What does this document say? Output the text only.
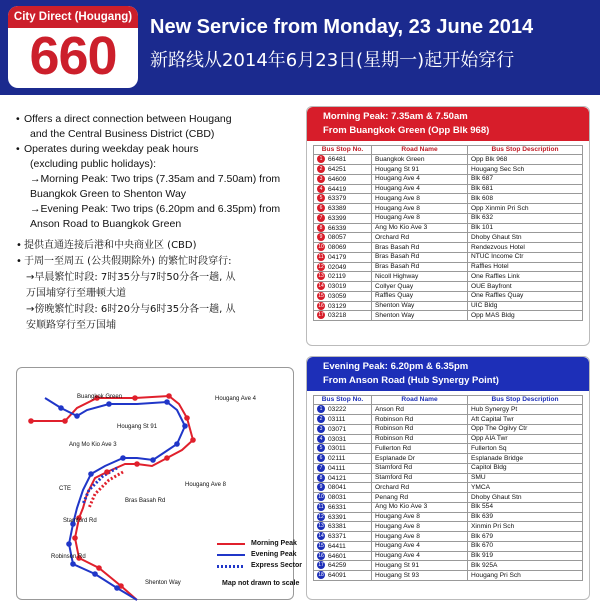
City Direct (Hougang)
660	New Service from Monday, 23 June 2014
新路线从2014年6月23日(星期一)起开始穿行
• Offers a direct connection between Hougang
and the Central Business District (CBD)
• Operates during weekday peak hours
(excluding public holidays):
→Morning Peak: Two trips (7.35am and 7.50am) from
Buangkok Green to Shenton Way
→Evening Peak: Two trips (6.20pm and 6.35pm) from
Anson Road to Buangkok Green
• 提供直通连接后港和中央商业区 (CBD)
• 于周一至周五 (公共假期除外) 的繁忙时段穿行:
→早晨繁忙时段: 7时35分与7时50分各一趟, 从
万国埔穿行至珊顿大道
→傍晚繁忙时段: 6时20分与6时35分各一趟, 从
安顺路穿行至万国埔
Buangkok Green	Hougang Ave 4
Hougang St 91
Ang Mo Kio Ave 3
CTE
Hougang Ave 8
Bras Basah Rd
Stamford Rd
Robinson Rd
Shenton Way
Morning Peak
Evening Peak
Express Sector
Map not drawn to scale
Morning Peak: 7.35am & 7.50am
From Buangkok Green (Opp Blk 968)
Bus Stop No.	Road Name	Bus Stop Description
1 66481	Buangkok Green	Opp Blk 968
2 64251	Hougang St 91	Hougang Sec Sch
3 64609	Hougang Ave 4	Blk 687
4 64419	Hougang Ave 4	Blk 681
5 63379	Hougang Ave 8	Blk 608
6 63389	Hougang Ave 8	Opp Xinmin Pri Sch
7 63399	Hougang Ave 8	Blk 632
8 66339	Ang Mo Kio Ave 3	Blk 101
9 08057	Orchard Rd	Dhoby Ghaut Stn
10 08069	Bras Basah Rd	Rendezvous Hotel
11 04179	Bras Basah Rd	NTUC Income Ctr
12 02049	Bras Basah Rd	Raffles Hotel
13 02119	Nicoll Highway	One Raffles Link
14 03019	Collyer Quay	OUE Bayfront
15 03059	Raffles Quay	One Raffles Quay
16 03129	Shenton Way	UIC Bldg
17 03218	Shenton Way	Opp MAS Bldg
Evening Peak: 6.20pm & 6.35pm
From Anson Road (Hub Synergy Point)
Bus Stop No.	Road Name	Bus Stop Description
1 03222	Anson Rd	Hub Synergy Pt
2 03111	Robinson Rd	Aft Capital Twr
3 03071	Robinson Rd	Opp The Ogilvy Ctr
4 03031	Robinson Rd	Opp AIA Twr
5 03011	Fullerton Rd	Fullerton Sq
6 02111	Esplanade Dr	Esplanade Bridge
7 04111	Stamford Rd	Capitol Bldg
8 04121	Stamford Rd	SMU
9 08041	Orchard Rd	YMCA
10 08031	Penang Rd	Dhoby Ghaut Stn
11 66331	Ang Mo Kio Ave 3	Blk 554
12 63391	Hougang Ave 8	Blk 639
13 63381	Hougang Ave 8	Xinmin Pri Sch
14 63371	Hougang Ave 8	Blk 679
15 64411	Hougang Ave 4	Blk 670
16 64601	Hougang Ave 4	Blk 919
17 64259	Hougang St 91	Blk 925A
18 64091	Hougang St 93	Hougang Pri Sch
